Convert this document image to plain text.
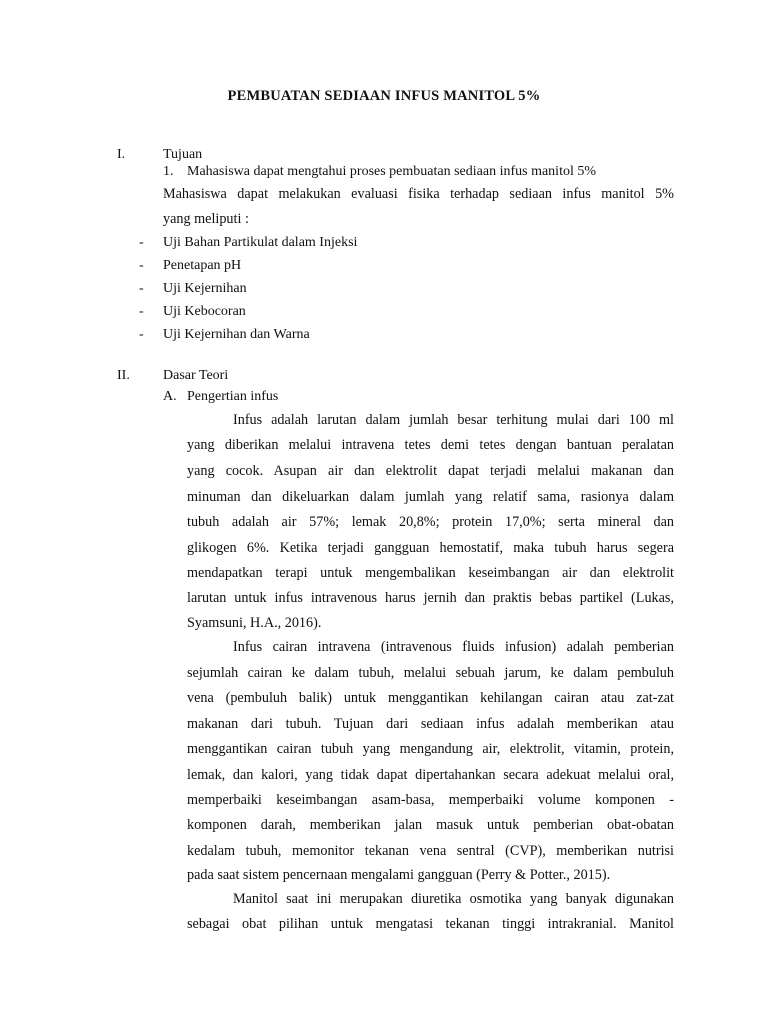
PEMBUATAN SEDIAAN INFUS MANITOL 5%
I.	Tujuan
1. Mahasiswa dapat mengtahui proses pembuatan sediaan infus manitol 5%
Mahasiswa dapat melakukan evaluasi fisika terhadap sediaan infus manitol 5%
yang meliputi :
- Uji Bahan Partikulat dalam Injeksi
- Penetapan pH
- Uji Kejernihan
- Uji Kebocoran
- Uji Kejernihan dan Warna
II. Dasar Teori
A. Pengertian infus
Infus adalah larutan dalam jumlah besar terhitung mulai dari 100 ml
yang diberikan melalui intravena tetes demi tetes dengan bantuan peralatan
yang cocok. Asupan air dan elektrolit dapat terjadi melalui makanan dan
minuman dan dikeluarkan dalam jumlah yang relatif sama, rasionya dalam
tubuh adalah air 57%; lemak 20,8%; protein 17,0%; serta mineral dan
glikogen 6%. Ketika terjadi gangguan hemostatif, maka tubuh harus segera
mendapatkan terapi untuk mengembalikan keseimbangan air dan elektrolit
larutan untuk infus intravenous harus jernih dan praktis bebas partikel (Lukas,
Syamsuni, H.A., 2016).
Infus cairan intravena (intravenous fluids infusion) adalah pemberian
sejumlah cairan ke dalam tubuh, melalui sebuah jarum, ke dalam pembuluh
vena (pembuluh balik) untuk menggantikan kehilangan cairan atau zat-zat
makanan dari tubuh. Tujuan dari sediaan infus adalah memberikan atau
menggantikan cairan tubuh yang mengandung air, elektrolit, vitamin, protein,
lemak, dan kalori, yang tidak dapat dipertahankan secara adekuat melalui oral,
memperbaiki keseimbangan asam-basa, memperbaiki volume komponen -
komponen darah, memberikan jalan masuk untuk pemberian obat-obatan
kedalam tubuh, memonitor tekanan vena sentral (CVP), memberikan nutrisi
pada saat sistem pencernaan mengalami gangguan (Perry & Potter., 2015).
Manitol saat ini merupakan diuretika osmotika yang banyak digunakan
sebagai obat pilihan untuk mengatasi tekanan tinggi intrakranial. Manitol
